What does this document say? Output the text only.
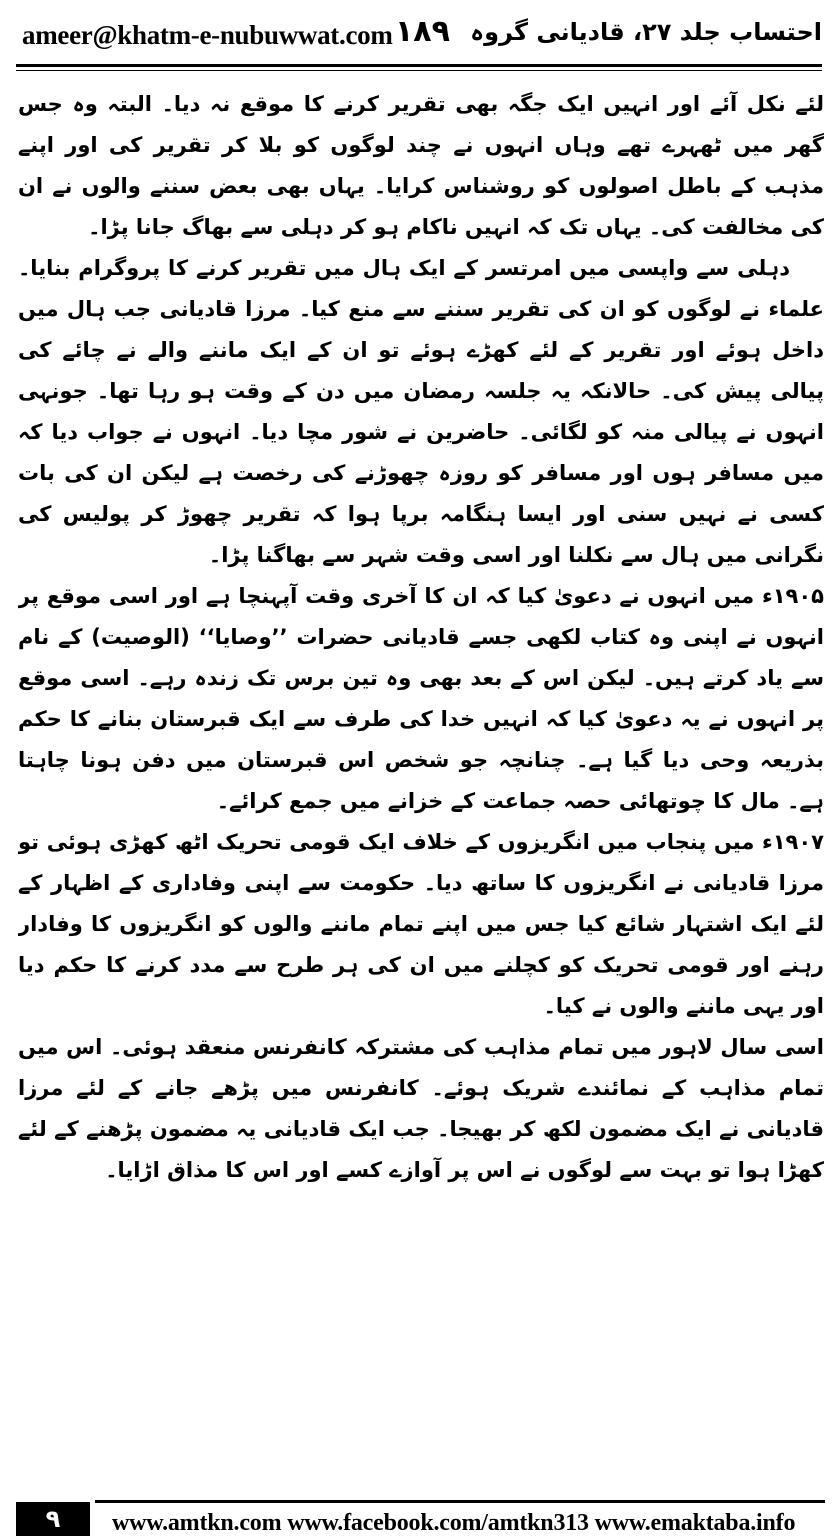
ameer@khatm-e-nubuwwat.com ۱۸۹ احتساب جلد ۲۷، قادیانی گروہ

لئے نکل آئے اور انہیں ایک جگہ بھی تقریر کرنے کا موقع نہ دیا۔ البتہ وہ جس گھر میں ٹھہرے تھے وہاں انہوں نے چند لوگوں کو بلا کر تقریر کی اور اپنے مذہب کے باطل اصولوں کو روشناس کرایا۔ یہاں بھی بعض سننے والوں نے ان کی مخالفت کی۔ یہاں تک کہ انہیں ناکام ہو کر دہلی سے بھاگ جانا پڑا۔

دہلی سے واپسی میں امرتسر کے ایک ہال میں تقریر کرنے کا پروگرام بنایا۔ علماء نے لوگوں کو ان کی تقریر سننے سے منع کیا۔ مرزا قادیانی جب ہال میں داخل ہوئے اور تقریر کے لئے کھڑے ہوئے تو ان کے ایک ماننے والے نے چائے کی پیالی پیش کی۔ حالانکہ یہ جلسہ رمضان میں دن کے وقت ہو رہا تھا۔ جونہی انہوں نے پیالی منہ کو لگائی۔ حاضرین نے شور مچا دیا۔ انہوں نے جواب دیا کہ میں مسافر ہوں اور مسافر کو روزہ چھوڑنے کی رخصت ہے لیکن ان کی بات کسی نے نہیں سنی اور ایسا ہنگامہ برپا ہوا کہ تقریر چھوڑ کر پولیس کی نگرانی میں ہال سے نکلنا اور اسی وقت شہر سے بھاگنا پڑا۔

۱۹۰۵ء میں انہوں نے دعویٰ کیا کہ ان کا آخری وقت آپہنچا ہے اور اسی موقع پر انہوں نے اپنی وہ کتاب لکھی جسے قادیانی حضرات ’’وصایا‘‘ (الوصیت) کے نام سے یاد کرتے ہیں۔ لیکن اس کے بعد بھی وہ تین برس تک زندہ رہے۔ اسی موقع پر انہوں نے یہ دعویٰ کیا کہ انہیں خدا کی طرف سے ایک قبرستان بنانے کا حکم بذریعہ وحی دیا گیا ہے۔ چنانچہ جو شخص اس قبرستان میں دفن ہونا چاہتا ہے۔ مال کا چوتھائی حصہ جماعت کے خزانے میں جمع کرائے۔

۱۹۰۷ء میں پنجاب میں انگریزوں کے خلاف ایک قومی تحریک اٹھ کھڑی ہوئی تو مرزا قادیانی نے انگریزوں کا ساتھ دیا۔ حکومت سے اپنی وفاداری کے اظہار کے لئے ایک اشتہار شائع کیا جس میں اپنے تمام ماننے والوں کو انگریزوں کا وفادار رہنے اور قومی تحریک کو کچلنے میں ان کی ہر طرح سے مدد کرنے کا حکم دیا اور یہی ماننے والوں نے کیا۔

اسی سال لاہور میں تمام مذاہب کی مشترکہ کانفرنس منعقد ہوئی۔ اس میں تمام مذاہب کے نمائندے شریک ہوئے۔ کانفرنس میں پڑھے جانے کے لئے مرزا قادیانی نے ایک مضمون لکھ کر بھیجا۔ جب ایک قادیانی یہ مضمون پڑھنے کے لئے کھڑا ہوا تو بہت سے لوگوں نے اس پر آوازے کسے اور اس کا مذاق اڑایا۔

۹	www.amtkn.com www.facebook.com/amtkn313 www.emaktaba.info
